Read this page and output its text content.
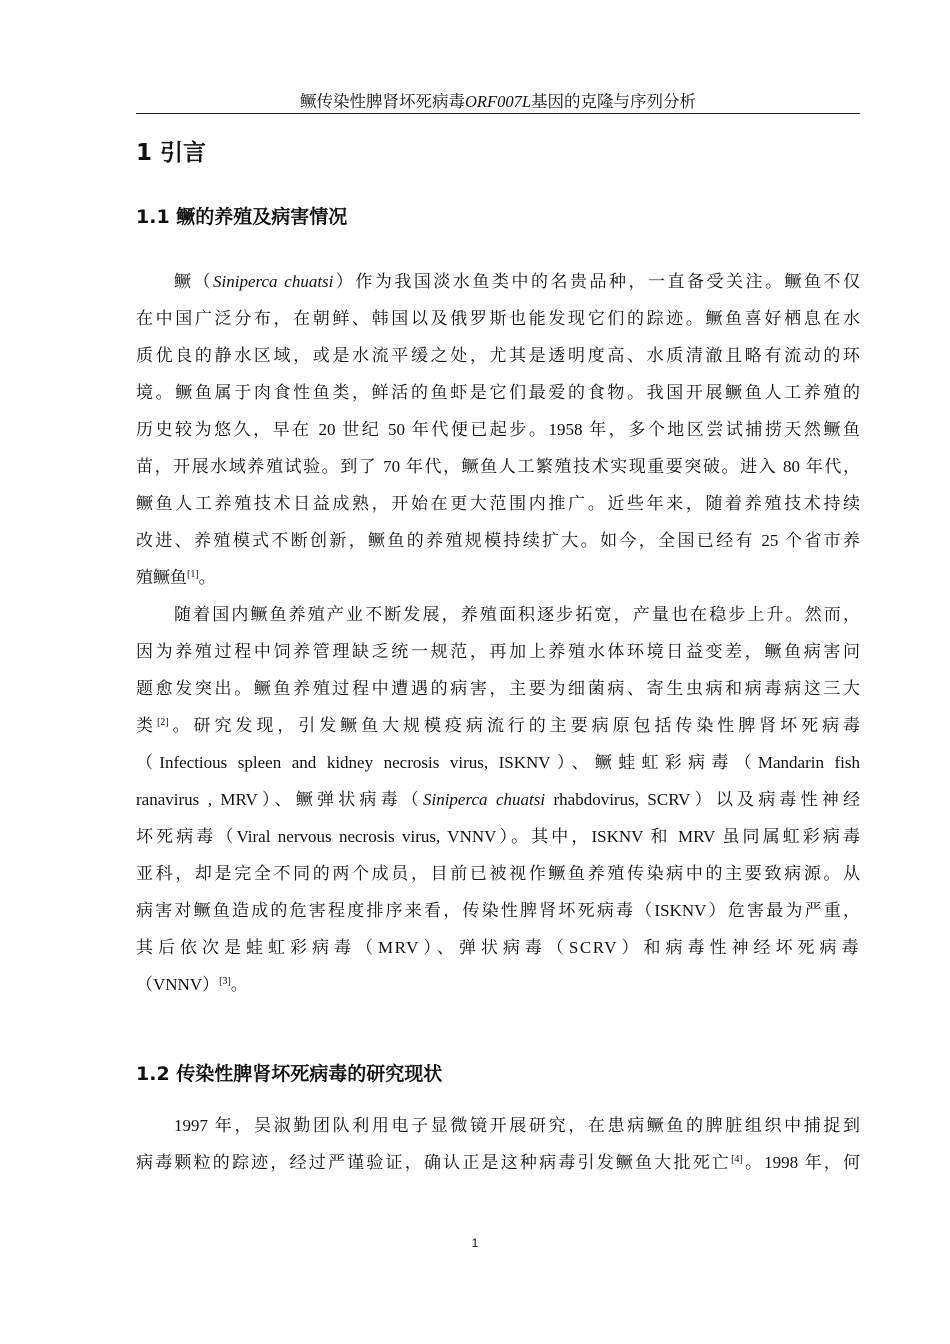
鳜传染性脾肾坏死病毒ORF007L基因的克隆与序列分析
1 引言
1.1 鳜的养殖及病害情况
鳜（Siniperca chuatsi）作为我国淡水鱼类中的名贵品种，一直备受关注。鳜鱼不仅
在中国广泛分布，在朝鲜、韩国以及俄罗斯也能发现它们的踪迹。鳜鱼喜好栖息在水
质优良的静水区域，或是水流平缓之处，尤其是透明度高、水质清澈且略有流动的环
境。鳜鱼属于肉食性鱼类，鲜活的鱼虾是它们最爱的食物。我国开展鳜鱼人工养殖的
历史较为悠久，早在 20 世纪 50 年代便已起步。1958 年，多个地区尝试捕捞天然鳜鱼
苗，开展水域养殖试验。到了 70 年代，鳜鱼人工繁殖技术实现重要突破。进入 80 年代，
鳜鱼人工养殖技术日益成熟，开始在更大范围内推广。近些年来，随着养殖技术持续
改进、养殖模式不断创新，鳜鱼的养殖规模持续扩大。如今，全国已经有 25 个省市养
殖鳜鱼[1]。
随着国内鳜鱼养殖产业不断发展，养殖面积逐步拓宽，产量也在稳步上升。然而，
因为养殖过程中饲养管理缺乏统一规范，再加上养殖水体环境日益变差，鳜鱼病害问
题愈发突出。鳜鱼养殖过程中遭遇的病害，主要为细菌病、寄生虫病和病毒病这三大
类[2]。研究发现，引发鳜鱼大规模疫病流行的主要病原包括传染性脾肾坏死病毒
（Infectious spleen and kidney necrosis virus, ISKNV）、鳜蛙虹彩病毒（Mandarin fish
ranavirus , MRV）、鳜弹状病毒（Siniperca chuatsi rhabdovirus, SCRV）以及病毒性神经
坏死病毒（Viral nervous necrosis virus, VNNV）。其中，ISKNV 和 MRV 虽同属虹彩病毒
亚科，却是完全不同的两个成员，目前已被视作鳜鱼养殖传染病中的主要致病源。从
病害对鳜鱼造成的危害程度排序来看，传染性脾肾坏死病毒（ISKNV）危害最为严重，
其后依次是蛙虹彩病毒（MRV）、弹状病毒（SCRV）和病毒性神经坏死病毒
（VNNV）[3]。
1.2 传染性脾肾坏死病毒的研究现状
1997 年，吴淑勤团队利用电子显微镜开展研究，在患病鳜鱼的脾脏组织中捕捉到
病毒颗粒的踪迹，经过严谨验证，确认正是这种病毒引发鳜鱼大批死亡[4]。1998 年，何
1
